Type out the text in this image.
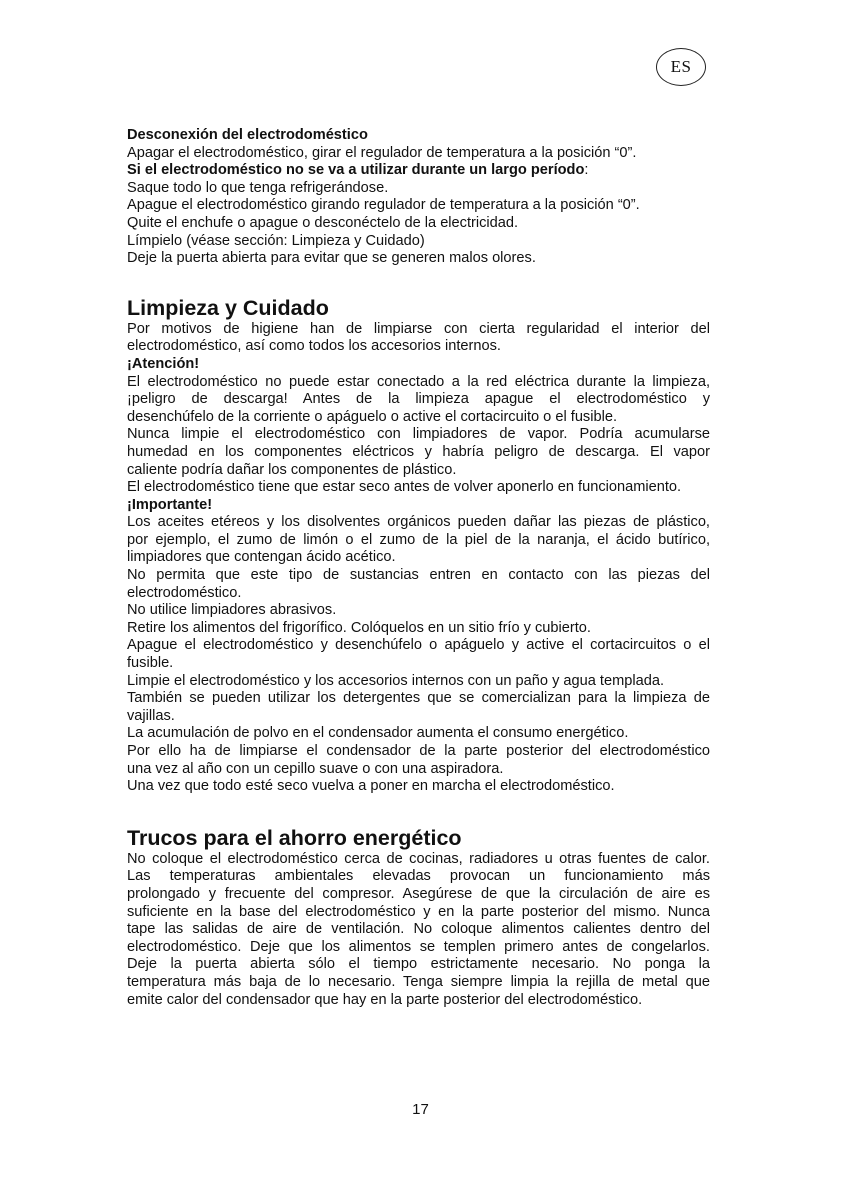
ES
Desconexión del electrodoméstico
Apagar el electrodoméstico, girar el regulador de temperatura a la posición “0”.
Si el electrodoméstico no se va a utilizar durante un largo período:
Saque todo lo que tenga refrigerándose.
Apague el electrodoméstico girando regulador de temperatura a la posición “0”.
Quite el enchufe o apague o desconéctelo de la electricidad.
Límpielo (véase sección: Limpieza y Cuidado)
Deje la puerta abierta para evitar que se generen malos olores.
Limpieza y Cuidado
Por motivos de higiene han de limpiarse con cierta regularidad el interior del
electrodoméstico, así como todos los accesorios internos.
¡Atención!
El electrodoméstico no puede estar conectado a la red eléctrica durante la limpieza,
¡peligro de descarga! Antes de la limpieza apague el electrodoméstico y
desenchúfelo de la corriente o apáguelo o active el cortacircuito o el fusible.
Nunca limpie el electrodoméstico con limpiadores de vapor. Podría acumularse
humedad en los componentes eléctricos y habría peligro de descarga. El vapor
caliente podría dañar los componentes de plástico.
El electrodoméstico tiene que estar seco antes de volver aponerlo en funcionamiento.
¡Importante!
Los aceites etéreos y los disolventes orgánicos pueden dañar las piezas de plástico,
por ejemplo, el zumo de limón o el zumo de la piel de la naranja, el ácido butírico,
limpiadores que contengan ácido acético.
No permita que este tipo de sustancias entren en contacto con las piezas del
electrodoméstico.
No utilice limpiadores abrasivos.
Retire los alimentos del frigorífico. Colóquelos en un sitio frío y cubierto.
Apague el electrodoméstico y desenchúfelo o apáguelo y active el cortacircuitos o el
fusible.
Limpie el electrodoméstico y los accesorios internos con un paño y agua templada.
También se pueden utilizar los detergentes que se comercializan para la limpieza de
vajillas.
La acumulación de polvo en el condensador aumenta el consumo energético.
Por ello ha de limpiarse el condensador de la parte posterior del electrodoméstico
una vez al año con un cepillo suave o con una aspiradora.
Una vez que todo esté seco vuelva a poner en marcha el electrodoméstico.
Trucos para el ahorro energético
No coloque el electrodoméstico cerca de cocinas, radiadores u otras fuentes de calor.
Las temperaturas ambientales elevadas provocan un funcionamiento más
prolongado y frecuente del compresor. Asegúrese de que la circulación de aire es
suficiente en la base del electrodoméstico y en la parte posterior del mismo. Nunca
tape las salidas de aire de ventilación. No coloque alimentos calientes dentro del
electrodoméstico. Deje que los alimentos se templen primero antes de congelarlos.
Deje la puerta abierta sólo el tiempo estrictamente necesario. No ponga la
temperatura más baja de lo necesario. Tenga siempre limpia la rejilla de metal que
emite calor del condensador que hay en la parte posterior del electrodoméstico.
17
